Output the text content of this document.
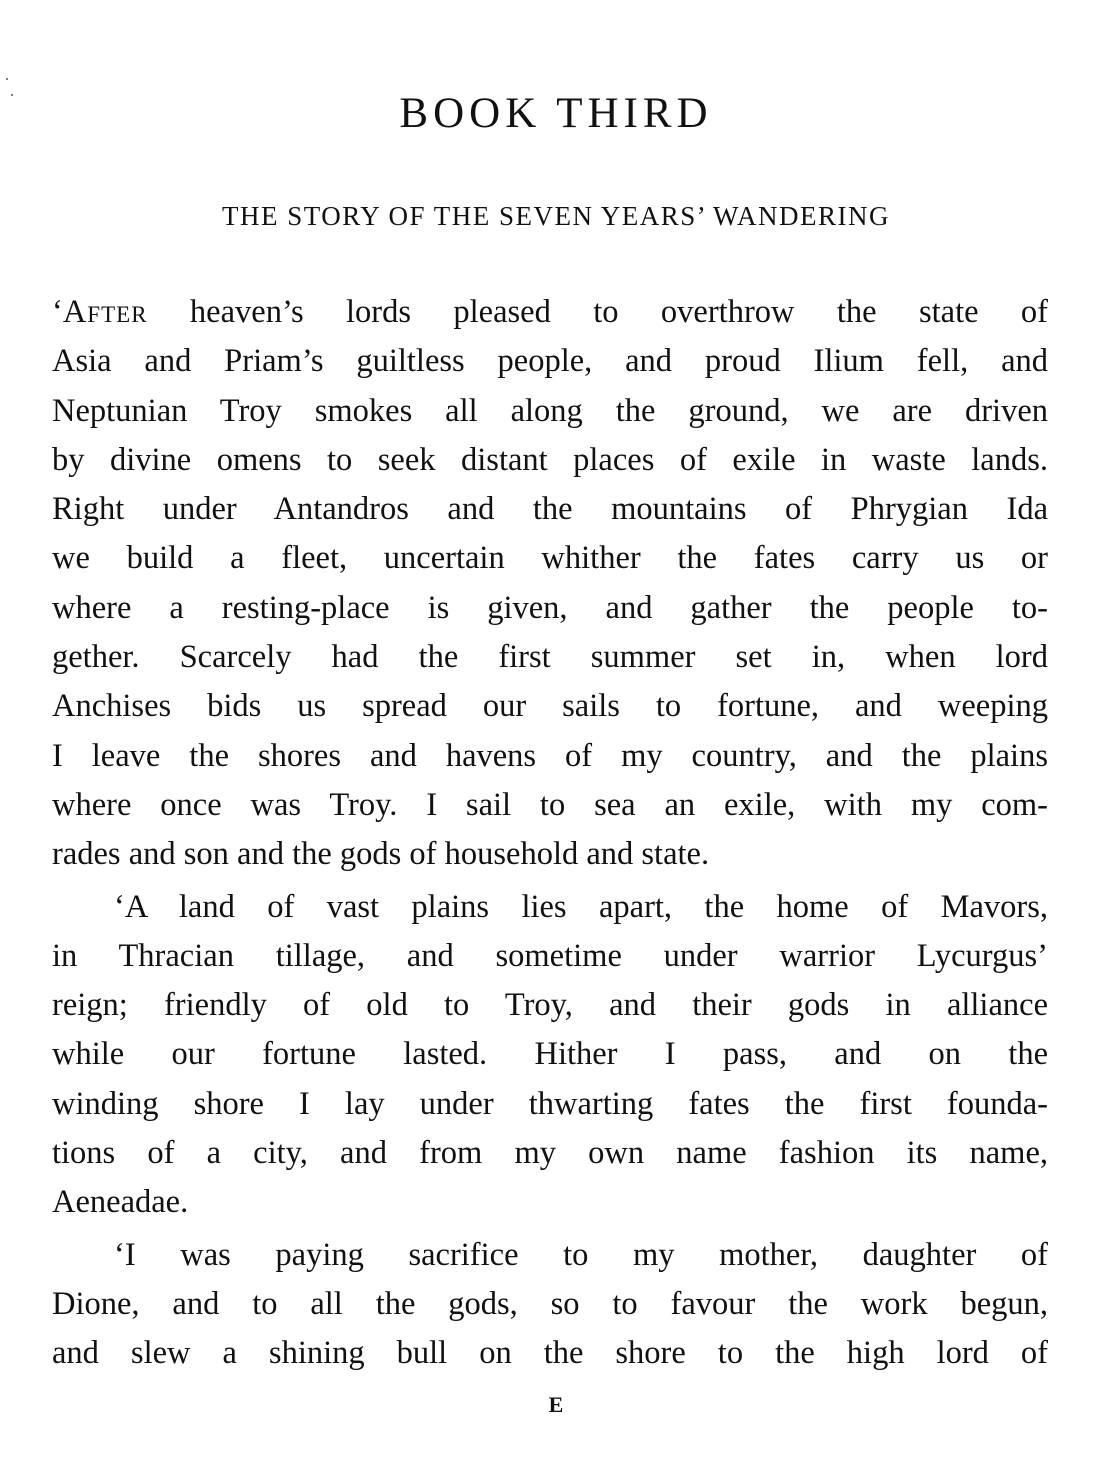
BOOK THIRD
THE STORY OF THE SEVEN YEARS’ WANDERING

‘After heaven’s lords pleased to overthrow the state of
Asia and Priam’s guiltless people, and proud Ilium fell, and
Neptunian Troy smokes all along the ground, we are driven
by divine omens to seek distant places of exile in waste lands.
Right under Antandros and the mountains of Phrygian Ida
we build a fleet, uncertain whither the fates carry us or
where a resting-place is given, and gather the people to-
gether. Scarcely had the first summer set in, when lord
Anchises bids us spread our sails to fortune, and weeping
I leave the shores and havens of my country, and the plains
where once was Troy. I sail to sea an exile, with my com-
rades and son and the gods of household and state.

‘A land of vast plains lies apart, the home of Mavors,
in Thracian tillage, and sometime under warrior Lycurgus’
reign; friendly of old to Troy, and their gods in alliance
while our fortune lasted. Hither I pass, and on the
winding shore I lay under thwarting fates the first founda-
tions of a city, and from my own name fashion its name,
Aeneadae.

‘I was paying sacrifice to my mother, daughter of
Dione, and to all the gods, so to favour the work begun,
and slew a shining bull on the shore to the high lord of

E
